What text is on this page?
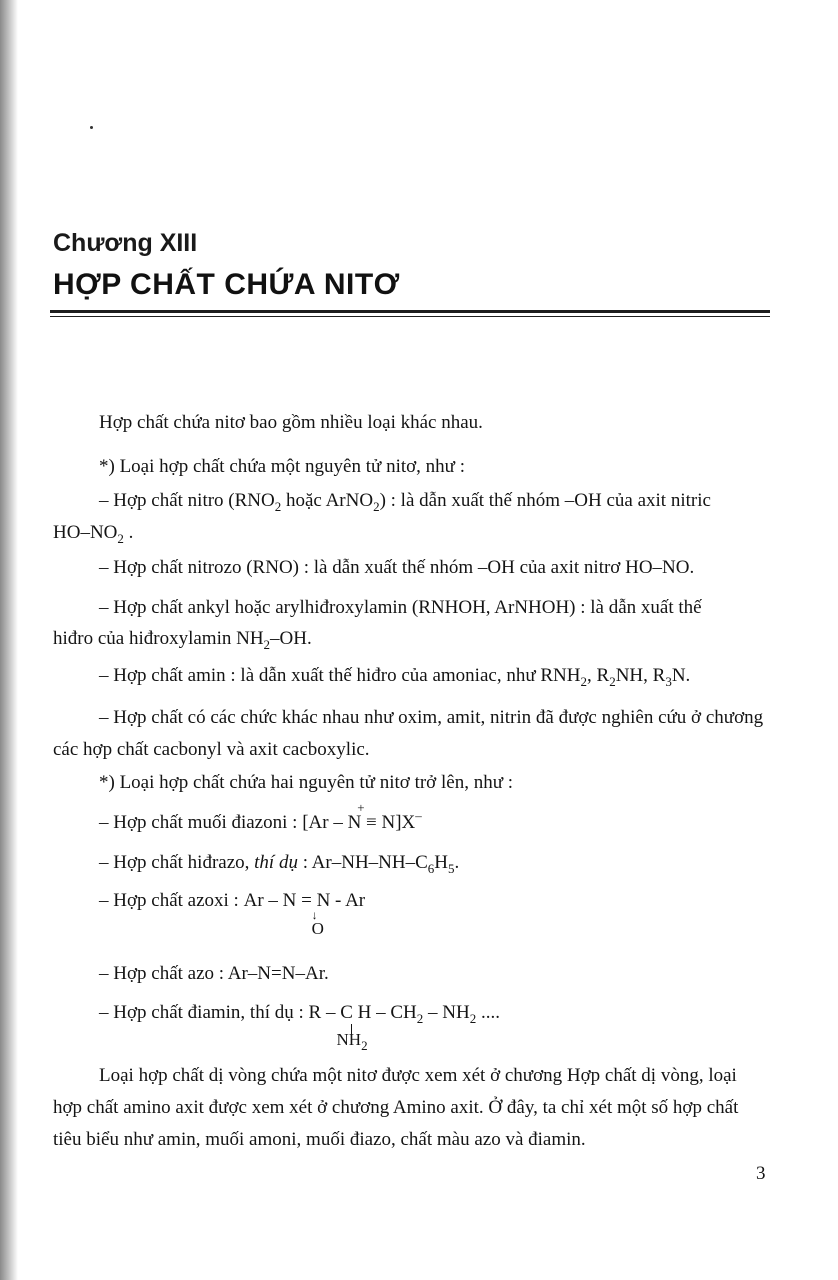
Chương XIII
HỢP CHẤT CHỨA NITƠ

Hợp chất chứa nitơ bao gồm nhiều loại khác nhau.

*) Loại hợp chất chứa một nguyên tử nitơ, như :

– Hợp chất nitro ($RNO_2$ hoặc ArNO$_2$) : là dẫn xuất thế nhóm –OH của axit nitric

$HO-NO_2$ .

– Hợp chất nitrozo (RNO) : là dẫn xuất thế nhóm –OH của axit nitrơ HO–NO.

– Hợp chất ankyl hoặc arylhiđroxylamin (RNHOH, ArNHOH) : là dẫn xuất thế

hiđro của hiđroxylamin $NH_2-OH$.

– Hợp chất amin : là dẫn xuất thế hiđro của amoniac, như $RNH_2$, $R_2NH$, $R_3N$.

– Hợp chất có các chức khác nhau như oxim, amit, nitrin đã được nghiên cứu ở chương các hợp chất cacbonyl và axit cacboxylic.

*) Loại hợp chất chứa hai nguyên tử nitơ trở lên, như :

– Hợp chất muối điazoni : [Ar – N ≡ N]X–
+

– Hợp chất hiđrazo, thí dụ : $Ar-NH-NH-C_6H_5$.

– Hợp chất azoxi : Ar – N = N - Ar
↓
O

– Hợp chất azo : Ar–N=N–Ar.

– Hợp chất điamin, thí dụ : R – C H – $CH_2 - NH_2$ ....
$NH_2$

Loại hợp chất dị vòng chứa một nitơ được xem xét ở chương Hợp chất dị vòng, loại hợp chất amino axit được xem xét ở chương Amino axit. Ở đây, ta chỉ xét một số hợp chất tiêu biểu như amin, muối amoni, muối điazo, chất màu azo và điamin.

3
